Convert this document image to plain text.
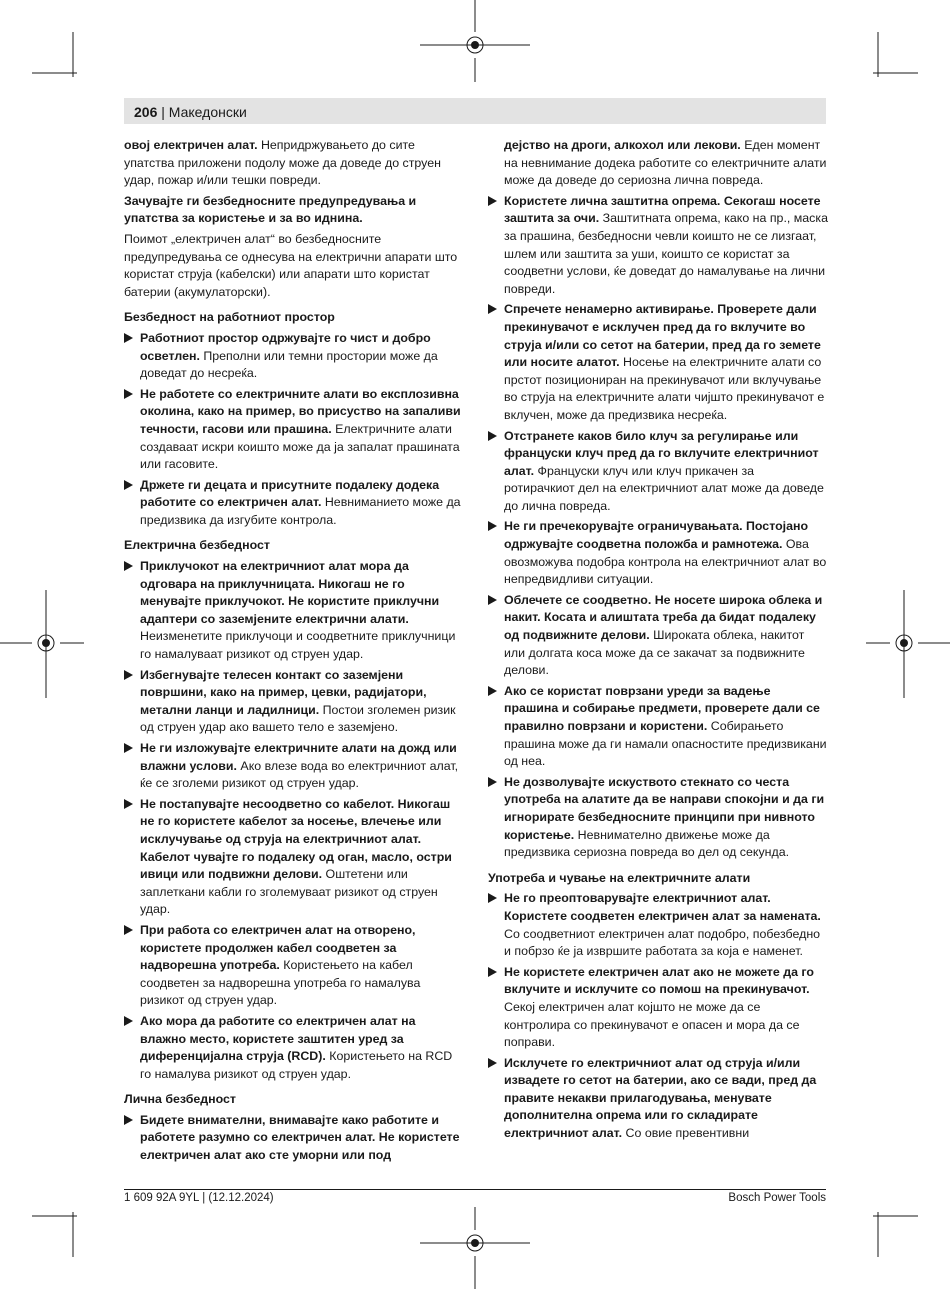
206 | Македонски

овој електричен алат. Непридржувањето до сите упатства приложени подолу може да доведе до струен удар, пожар и/или тешки повреди.

Зачувајте ги безбедносните предупредувања и упатства за користење и за во иднина.

Поимот „електричен алат“ во безбедносните предупредувања се однесува на електрични апарати што користат струја (кабелски) или апарати што користат батерии (акумулаторски).

Безбедност на работниот простор

Работниот простор одржувајте го чист и добро осветлен. Преполни или темни простории може да доведат до несреќа.
Не работете со електричните алати во експлозивна околина, како на пример, во присуство на запаливи течности, гасови или прашина. Електричните алати создаваат искри коишто може да ја запалат прашината или гасовите.
Држете ги децата и присутните подалеку додека работите со електричен алат. Невниманието може да предизвика да изгубите контрола.

Електрична безбедност

Приклучокот на електричниот алат мора да одговара на приклучницата. Никогаш не го менувајте приклучокот. Не користите приклучни адаптери со заземјените електрични алати. Неизменетите приклучоци и соодветните приклучници го намалуваат ризикот од струен удар.
Избегнувајте телесен контакт со заземјени површини, како на пример, цевки, радијатори, метални ланци и ладилници. Постои зголемен ризик од струен удар ако вашето тело е заземјено.
Не ги изложувајте електричните алати на дожд или влажни услови. Ако влезе вода во електричниот алат, ќе се зголеми ризикот од струен удар.
Не постапувајте несоодветно со кабелот. Никогаш не го користете кабелот за носење, влечење или исклучување од струја на електричниот алат. Кабелот чувајте го подалеку од оган, масло, остри ивици или подвижни делови. Оштетени или заплеткани кабли го зголемуваат ризикот од струен удар.
При работа со електричен алат на отворено, користете продолжен кабел соодветен за надворешна употреба. Користењето на кабел соодветен за надворешна употреба го намалува ризикот од струен удар.
Ако мора да работите со електричен алат на влажно место, користете заштитен уред за диференцијална струја (RCD). Користењето на RCD го намалува ризикот од струен удар.

Лична безбедност

Бидете внимателни, внимавајте како работите и работете разумно со електричен алат. Не користете електричен алат ако сте уморни или под

дејство на дроги, алкохол или лекови. Еден момент на невнимание додека работите со електричните алати може да доведе до сериозна лична повреда.

Користете лична заштитна опрема. Секогаш носете заштита за очи. Заштитната опрема, како на пр., маска за прашина, безбедносни чевли коишто не се лизгаат, шлем или заштита за уши, коишто се користат за соодветни услови, ќе доведат до намалување на лични повреди.
Спречете ненамерно активирање. Проверете дали прекинувачот е исклучен пред да го вклучите во струја и/или со сетот на батерии, пред да го земете или носите алатот. Носење на електричните алати со прстот позициониран на прекинувачот или вклучување во струја на електричните алати чијшто прекинувачот е вклучен, може да предизвика несреќа.
Отстранете каков било клуч за регулирање или француски клуч пред да го вклучите електричниот алат. Француски клуч или клуч прикачен за ротирачкиот дел на електричниот алат може да доведе до лична повреда.
Не ги пречекорувајте ограничувањата. Постојано одржувајте соодветна положба и рамнотежа. Ова овозможува подобра контрола на електричниот алат во непредвидливи ситуации.
Облечете се соодветно. Не носете широка облека и накит. Косата и алиштата треба да бидат подалеку од подвижните делови. Широката облека, накитот или долгата коса може да се закачат за подвижните делови.
Ако се користат поврзани уреди за вадење прашина и собирање предмети, проверете дали се правилно поврзани и користени. Собирањето прашина може да ги намали опасностите предизвикани од неа.
Не дозволувајте искуството стекнато со честа употреба на алатите да ве направи спокојни и да ги игнорирате безбедносните принципи при нивното користење. Невнимателно движење може да предизвика сериозна повреда во дел од секунда.

Употреба и чување на електричните алати

Не го преоптоварувајте електричниот алат. Користете соодветен електричен алат за намената. Со соодветниот електричен алат подобро, побезбедно и побрзо ќе ја извршите работата за која е наменет.
Не користете електричен алат ако не можете да го вклучите и исклучите со помош на прекинувачот. Секој електричен алат којшто не може да се контролира со прекинувачот е опасен и мора да се поправи.
Исклучете го електричниот алат од струја и/или извадете го сетот на батерии, ако се вади, пред да правите некакви прилагодувања, менувате дополнителна опрема или го складирате електричниот алат. Со овие превентивни
1 609 92A 9YL | (12.12.2024)	Bosch Power Tools
